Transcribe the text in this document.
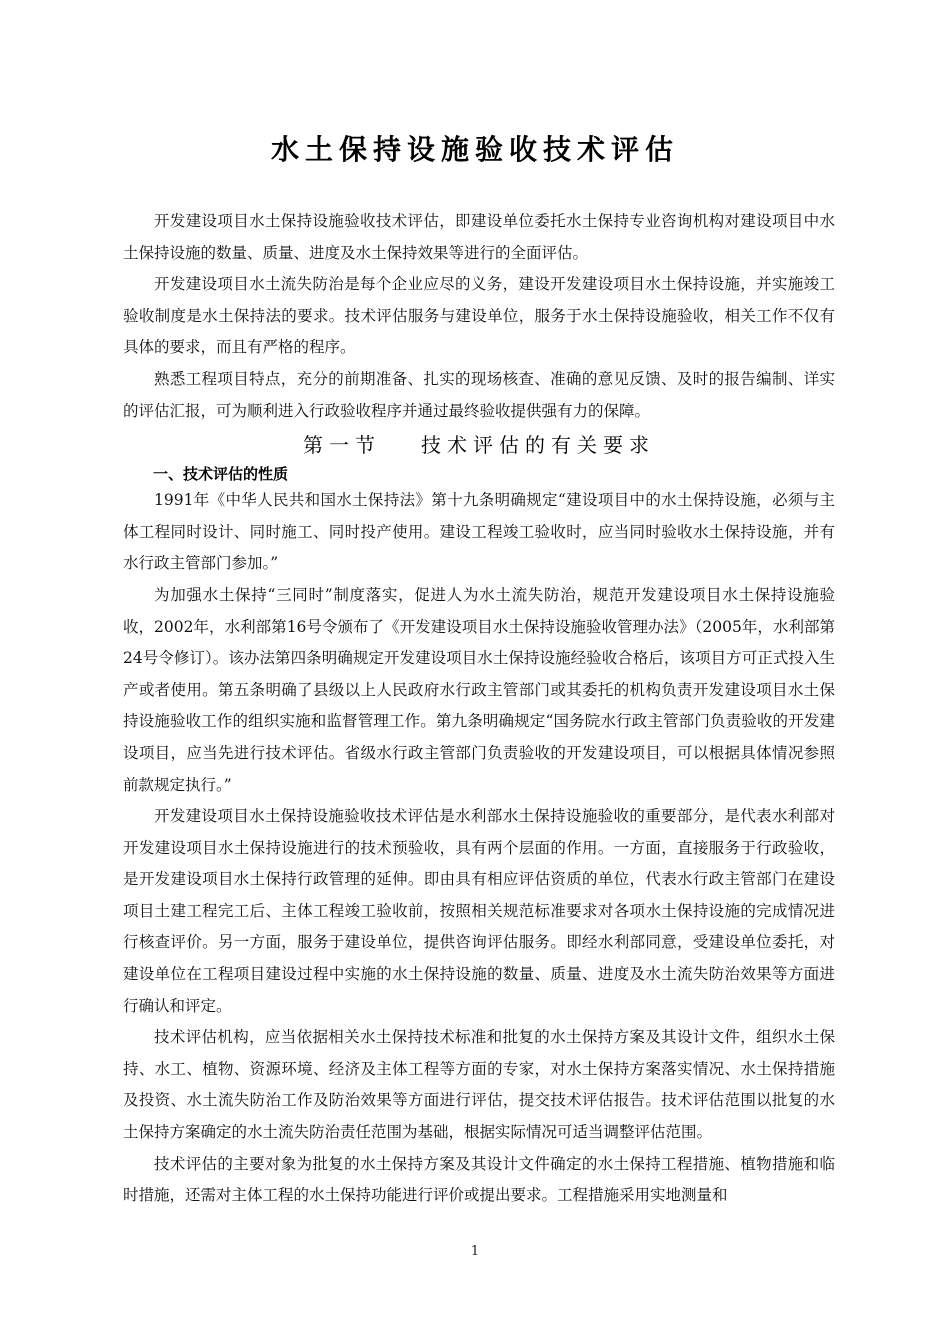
水土保持设施验收技术评估

开发建设项目水土保持设施验收技术评估，即建设单位委托水土保持专业咨询机构对建设项目中水土保持设施的数量、质量、进度及水土保持效果等进行的全面评估。

开发建设项目水土流失防治是每个企业应尽的义务，建设开发建设项目水土保持设施，并实施竣工验收制度是水土保持法的要求。技术评估服务与建设单位，服务于水土保持设施验收，相关工作不仅有具体的要求，而且有严格的程序。

熟悉工程项目特点，充分的前期准备、扎实的现场核查、准确的意见反馈、及时的报告编制、详实的评估汇报，可为顺利进入行政验收程序并通过最终验收提供强有力的保障。

第一节 技术评估的有关要求

一、技术评估的性质

1991年《中华人民共和国水土保持法》第十九条明确规定“建设项目中的水土保持设施，必须与主体工程同时设计、同时施工、同时投产使用。建设工程竣工验收时，应当同时验收水土保持设施，并有水行政主管部门参加。”

为加强水土保持“三同时”制度落实，促进人为水土流失防治，规范开发建设项目水土保持设施验收，2002年，水利部第16号令颁布了《开发建设项目水土保持设施验收管理办法》（2005年，水利部第24号令修订）。该办法第四条明确规定开发建设项目水土保持设施经验收合格后，该项目方可正式投入生产或者使用。第五条明确了县级以上人民政府水行政主管部门或其委托的机构负责开发建设项目水土保持设施验收工作的组织实施和监督管理工作。第九条明确规定“国务院水行政主管部门负责验收的开发建设项目，应当先进行技术评估。省级水行政主管部门负责验收的开发建设项目，可以根据具体情况参照前款规定执行。”

开发建设项目水土保持设施验收技术评估是水利部水土保持设施验收的重要部分，是代表水利部对开发建设项目水土保持设施进行的技术预验收，具有两个层面的作用。一方面，直接服务于行政验收，是开发建设项目水土保持行政管理的延伸。即由具有相应评估资质的单位，代表水行政主管部门在建设项目土建工程完工后、主体工程竣工验收前，按照相关规范标准要求对各项水土保持设施的完成情况进行核查评价。另一方面，服务于建设单位，提供咨询评估服务。即经水利部同意，受建设单位委托，对建设单位在工程项目建设过程中实施的水土保持设施的数量、质量、进度及水土流失防治效果等方面进行确认和评定。

技术评估机构，应当依据相关水土保持技术标准和批复的水土保持方案及其设计文件，组织水土保持、水工、植物、资源环境、经济及主体工程等方面的专家，对水土保持方案落实情况、水土保持措施及投资、水土流失防治工作及防治效果等方面进行评估，提交技术评估报告。技术评估范围以批复的水土保持方案确定的水土流失防治责任范围为基础，根据实际情况可适当调整评估范围。

技术评估的主要对象为批复的水土保持方案及其设计文件确定的水土保持工程措施、植物措施和临时措施，还需对主体工程的水土保持功能进行评价或提出要求。工程措施采用实地测量和

1
